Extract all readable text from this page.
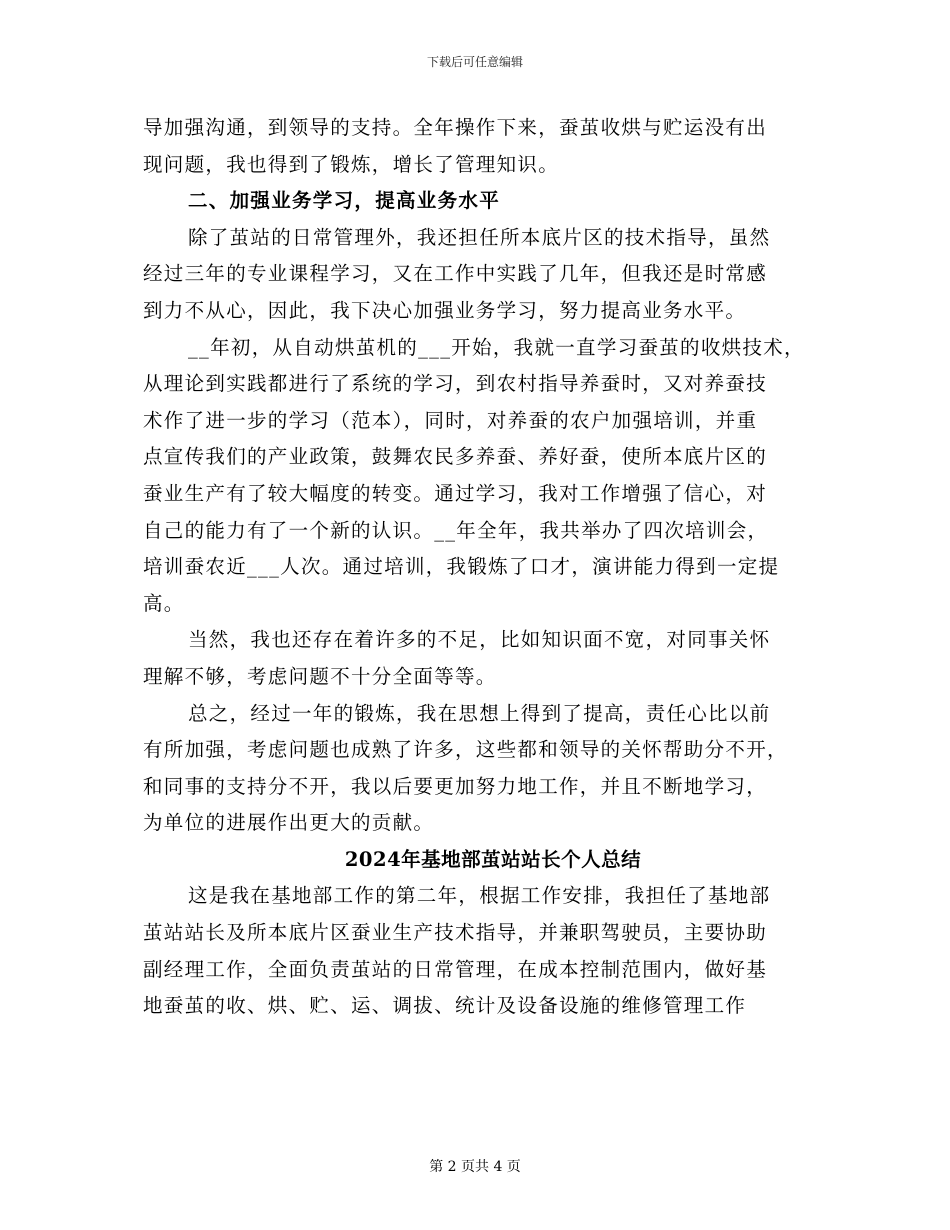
下载后可任意编辑
导加强沟通，到领导的支持。全年操作下来，蚕茧收烘与贮运没有出
现问题，我也得到了锻炼，增长了管理知识。
二、加强业务学习，提高业务水平
除了茧站的日常管理外，我还担任所本底片区的技术指导，虽然
经过三年的专业课程学习，又在工作中实践了几年，但我还是时常感
到力不从心，因此，我下决心加强业务学习，努力提高业务水平。
__年初，从自动烘茧机的___开始，我就一直学习蚕茧的收烘技术，
从理论到实践都进行了系统的学习，到农村指导养蚕时，又对养蚕技
术作了进一步的学习（范本），同时，对养蚕的农户加强培训，并重
点宣传我们的产业政策，鼓舞农民多养蚕、养好蚕，使所本底片区的
蚕业生产有了较大幅度的转变。通过学习，我对工作增强了信心，对
自己的能力有了一个新的认识。__年全年，我共举办了四次培训会，
培训蚕农近___人次。通过培训，我锻炼了口才，演讲能力得到一定提
高。
当然，我也还存在着许多的不足，比如知识面不宽，对同事关怀
理解不够，考虑问题不十分全面等等。
总之，经过一年的锻炼，我在思想上得到了提高，责任心比以前
有所加强，考虑问题也成熟了许多，这些都和领导的关怀帮助分不开，
和同事的支持分不开，我以后要更加努力地工作，并且不断地学习，
为单位的进展作出更大的贡献。
2024年基地部茧站站长个人总结
这是我在基地部工作的第二年，根据工作安排，我担任了基地部
茧站站长及所本底片区蚕业生产技术指导，并兼职驾驶员，主要协助
副经理工作，全面负责茧站的日常管理，在成本控制范围内，做好基
地蚕茧的收、烘、贮、运、调拔、统计及设备设施的维修管理工作
第 2 页共 4 页
